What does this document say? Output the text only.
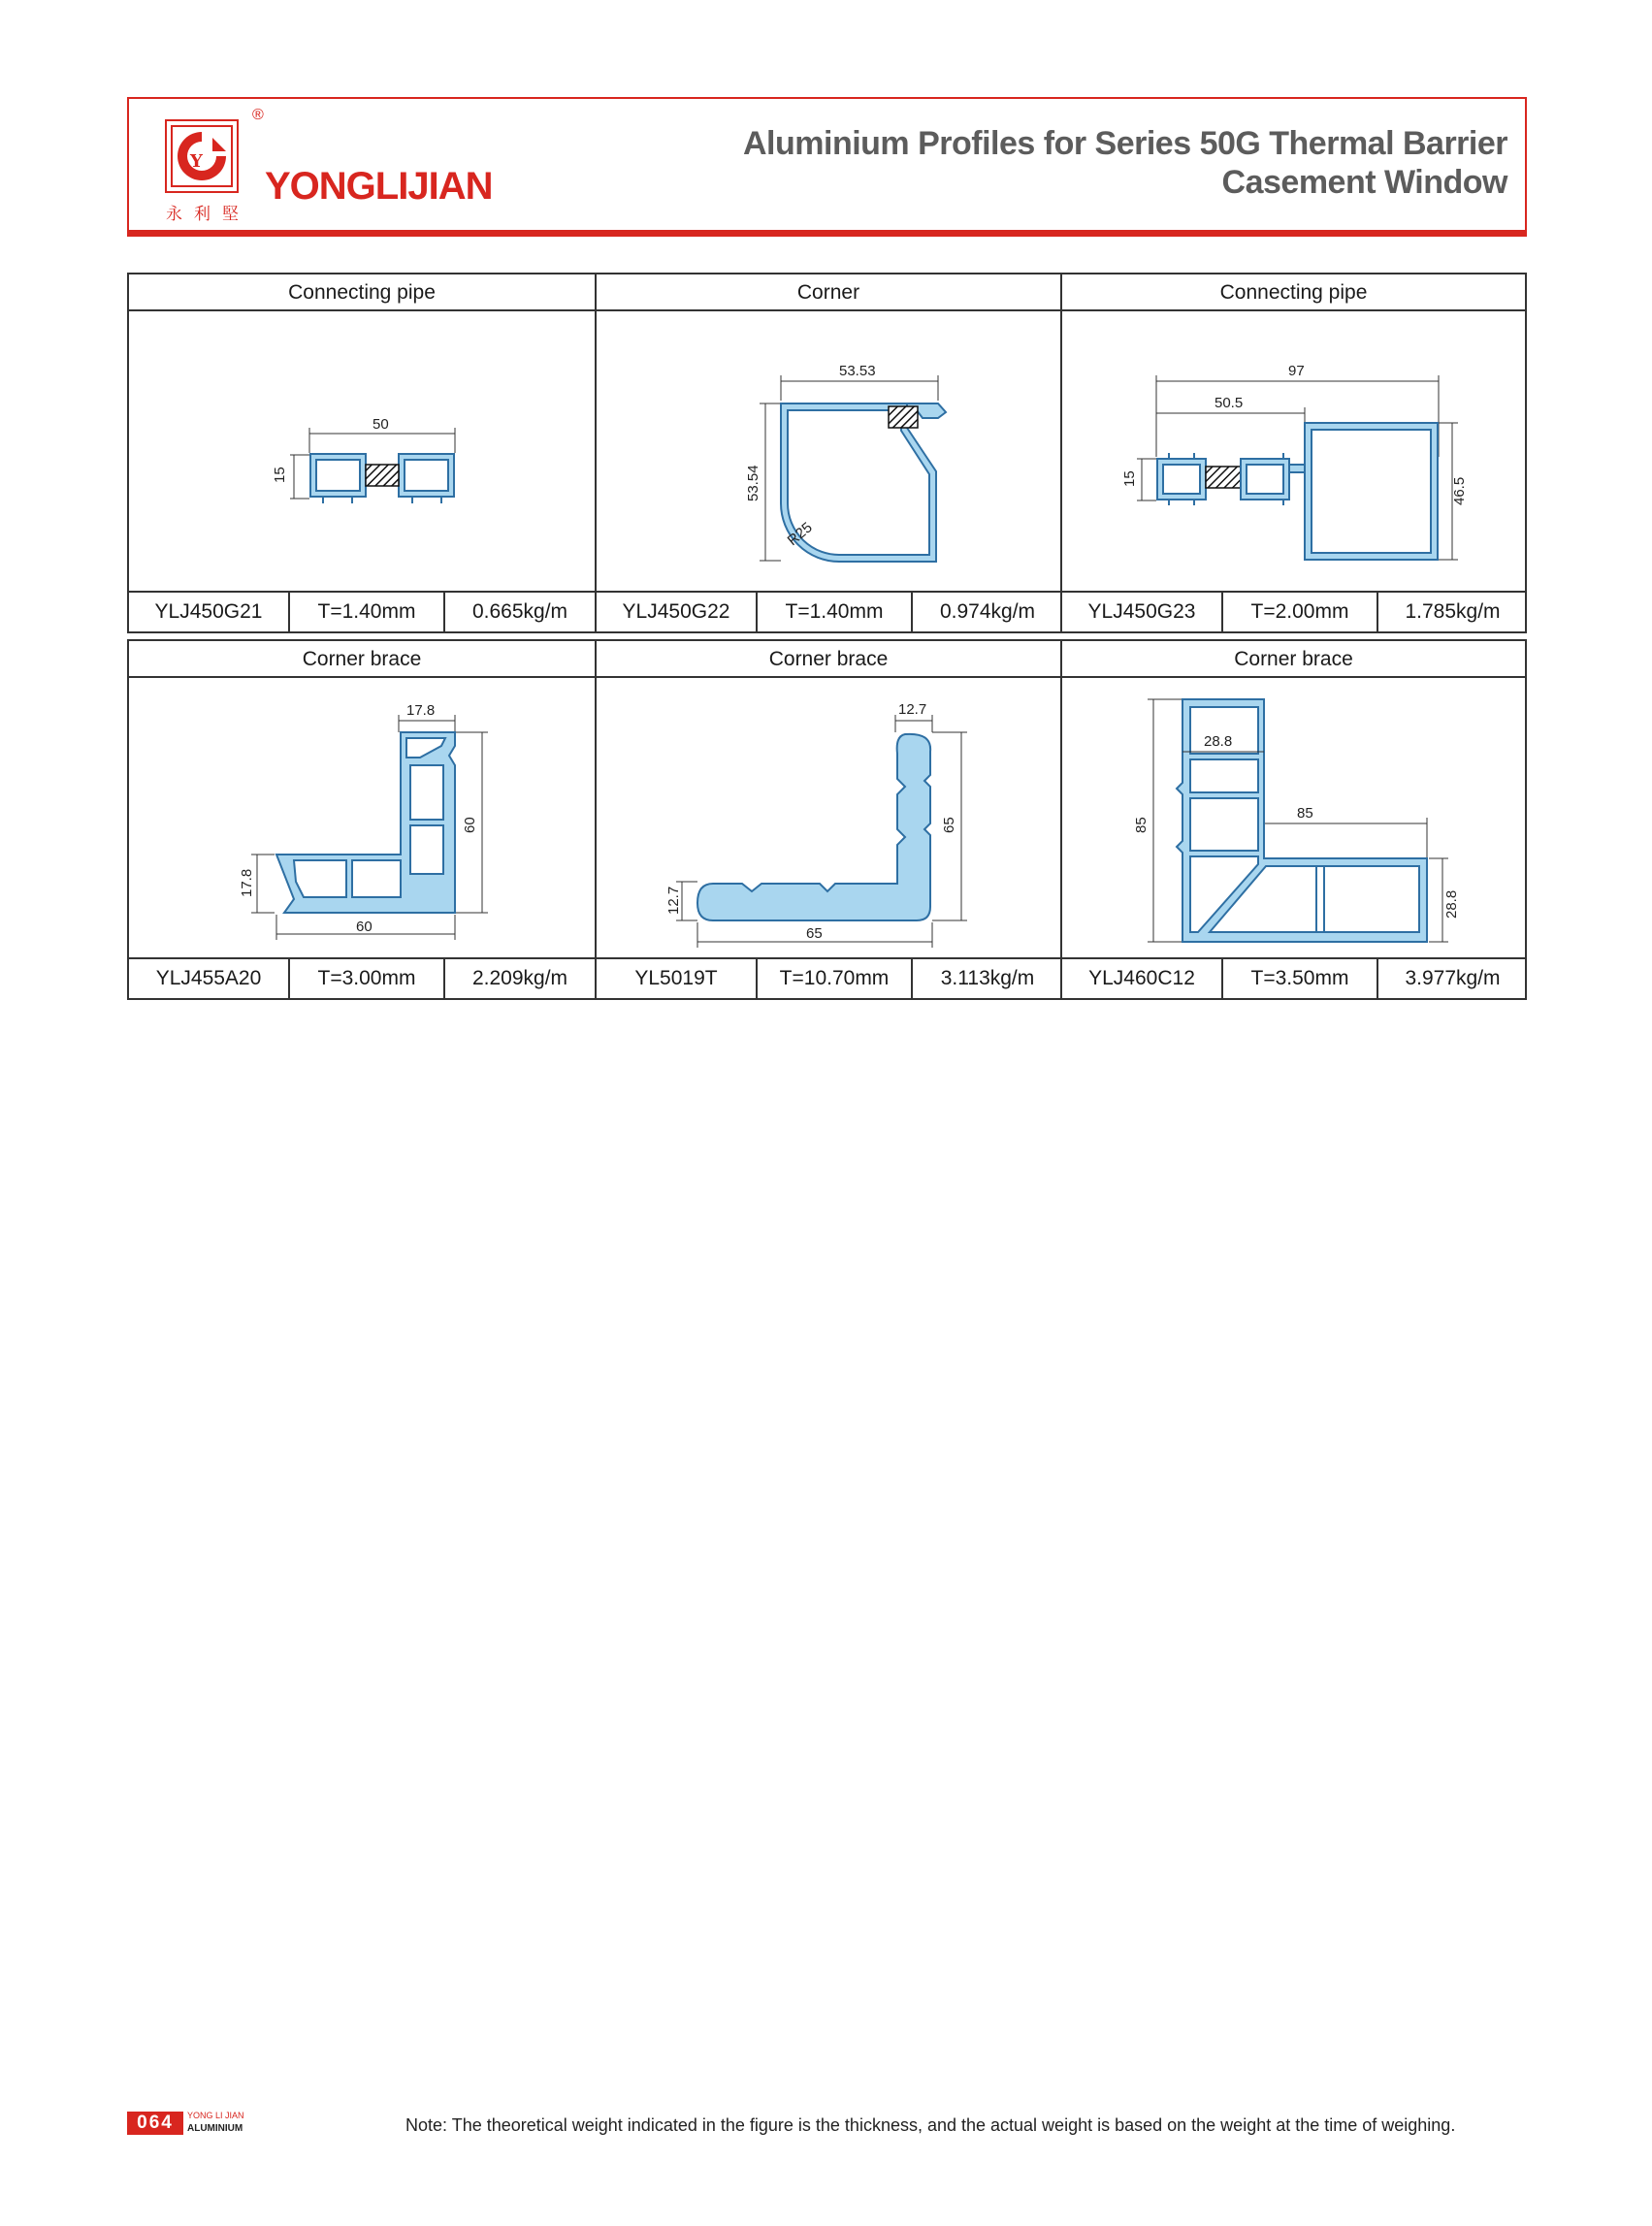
Y
®
永利堅
YONGLIJIAN
Aluminium Profiles for Series 50G Thermal Barrier
Casement Window
Connecting pipe
50
15
YLJ450G21	T=1.40mm	0.665kg/m
Corner
53.53
53.54
R25
YLJ450G22	T=1.40mm	0.974kg/m
Connecting pipe
97
50.5
15	46.5
YLJ450G23	T=2.00mm	1.785kg/m
Corner brace
17.8
60
17.8
60
YLJ455A20	T=3.00mm	2.209kg/m
Corner brace
12.7
65
12.7
65
YL5019T	T=10.70mm	3.113kg/m
Corner brace
85
85
28.8
28.8
YLJ460C12	T=3.50mm	3.977kg/m
064	YONG LI JIAN
ALUMINIUM	Note: The theoretical weight indicated in the figure is the thickness, and the actual weight is based on the weight at the time of weighing.
